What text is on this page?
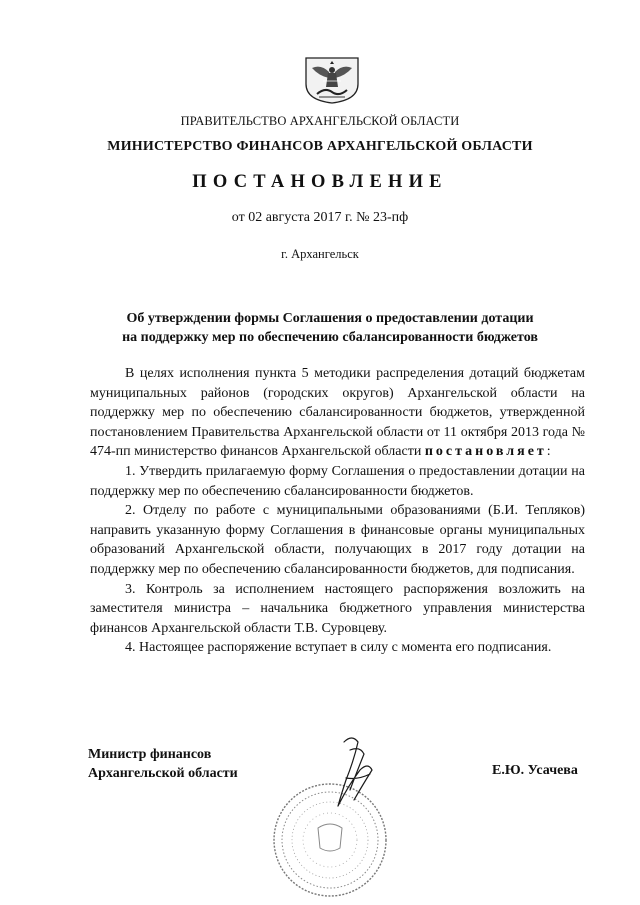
ПРАВИТЕЛЬСТВО АРХАНГЕЛЬСКОЙ ОБЛАСТИ
МИНИСТЕРСТВО ФИНАНСОВ АРХАНГЕЛЬСКОЙ ОБЛАСТИ
ПОСТАНОВЛЕНИЕ
от 02 августа 2017 г. № 23-пф
г. Архангельск
Об утверждении формы Соглашения о предоставлении дотации
на поддержку мер по обеспечению сбалансированности бюджетов

В целях исполнения пункта 5 методики распределения дотаций бюджетам муниципальных районов (городских округов) Архангельской области на поддержку мер по обеспечению сбалансированности бюджетов, утвержденной постановлением Правительства Архангельской области от 11 октября 2013 года № 474-пп министерство финансов Архангельской области постановляет:

1. Утвердить прилагаемую форму Соглашения о предоставлении дотации на поддержку мер по обеспечению сбалансированности бюджетов.

2. Отделу по работе с муниципальными образованиями (Б.И. Тепляков) направить указанную форму Соглашения в финансовые органы муниципальных образований Архангельской области, получающих в 2017 году дотации на поддержку мер по обеспечению сбалансированности бюджетов, для подписания.

3. Контроль за исполнением настоящего распоряжения возложить на заместителя министра – начальника бюджетного управления министерства финансов Архангельской области Т.В. Суровцеву.

4. Настоящее распоряжение вступает в силу с момента его подписания.

Министр финансов
Архангельской области	Е.Ю. Усачева
